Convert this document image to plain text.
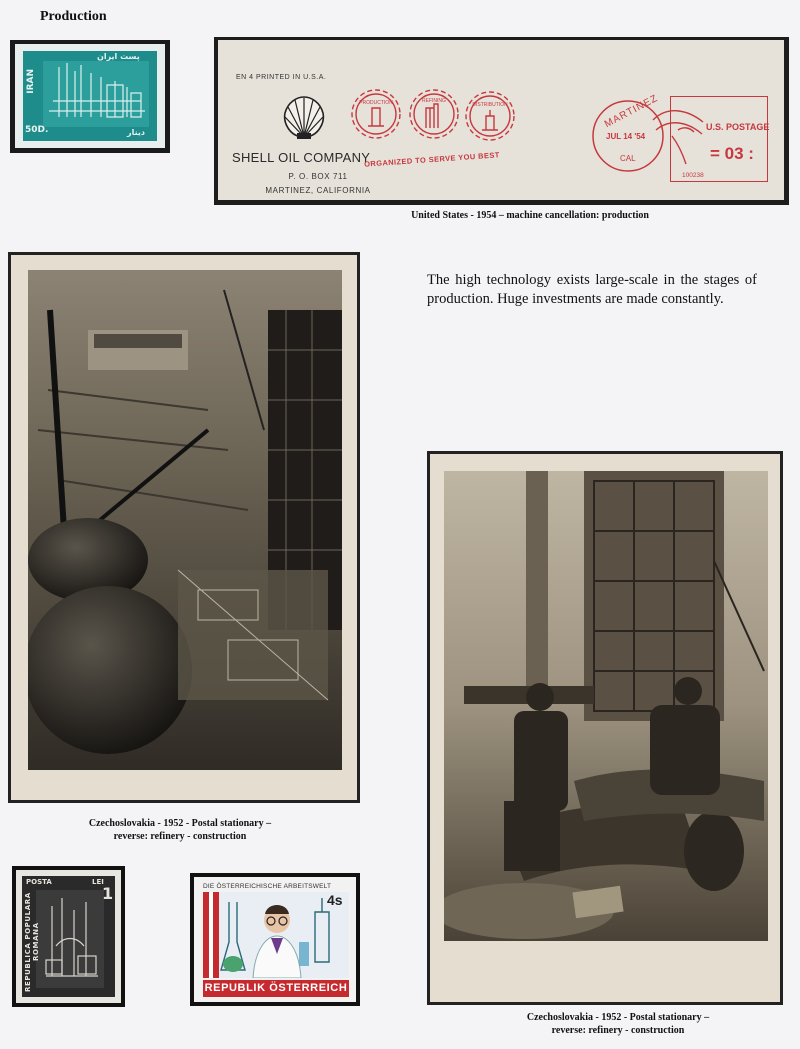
Production
IRAN
50D.
پست ایران
دینار
EN 4 PRINTED IN U.S.A.
SHELL OIL COMPANY
P. O. BOX 711
MARTINEZ, CALIFORNIA
PRODUCTION	REFINING
DISTRIBUTION
ORGANIZED TO SERVE YOU BEST
MARTINEZ
JUL 14 '54
CAL
U.S. POSTAGE
= 03 :
100238
United States - 1954 – machine cancellation: production
The high technology exists large-scale in the stages of production. Huge investments are made constantly.
Czechoslovakia - 1952 - Postal stationary –
reverse: refinery - construction
Czechoslovakia - 1952 - Postal stationary –
reverse: refinery - construction
POSTA	LEI
1
REPUBLICA POPULARA ROMANA
DIE ÖSTERREICHISCHE ARBEITSWELT
4s
REPUBLIK ÖSTERREICH
